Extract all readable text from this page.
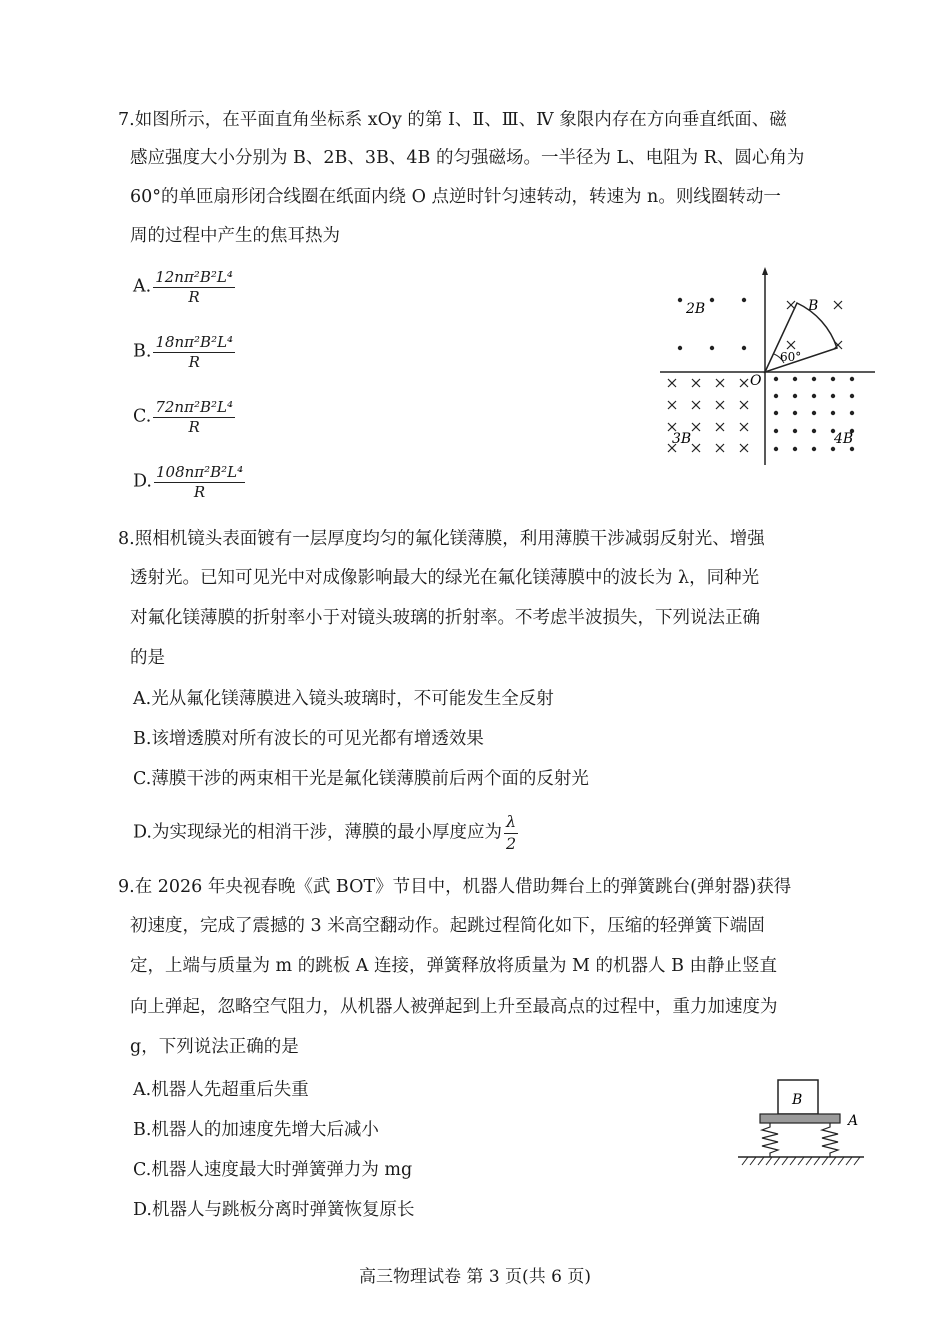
7.如图所示，在平面直角坐标系 xOy 的第 Ⅰ、Ⅱ、Ⅲ、Ⅳ 象限内存在方向垂直纸面、磁
感应强度大小分别为 B、2B、3B、4B 的匀强磁场。一半径为 L、电阻为 R、圆心角为
60°的单匝扇形闭合线圈在纸面内绕 O 点逆时针匀速转动，转速为 n。则线圈转动一
周的过程中产生的焦耳热为
A. $\frac{\text{12nπ²B²L⁴}}{R}$
B. $\frac{\text{18nπ²B²L⁴}}{R}$
C. $\frac{\text{72nπ²B²L⁴}}{R}$
D. $\frac{\text{108nπ²B²L⁴}}{R}$
2B	B
60°
O
3B	4B
8.照相机镜头表面镀有一层厚度均匀的氟化镁薄膜，利用薄膜干涉减弱反射光、增强
透射光。已知可见光中对成像影响最大的绿光在氟化镁薄膜中的波长为 λ，同种光
对氟化镁薄膜的折射率小于对镜头玻璃的折射率。不考虑半波损失，下列说法正确
的是
A.光从氟化镁薄膜进入镜头玻璃时，不可能发生全反射
B.该增透膜对所有波长的可见光都有增透效果
C.薄膜干涉的两束相干光是氟化镁薄膜前后两个面的反射光
D.为实现绿光的相消干涉，薄膜的最小厚度应为 $\frac{\lambda}{2}$
9.在 2026 年央视春晚《武 BOT》节目中，机器人借助舞台上的弹簧跳台(弹射器)获得
初速度，完成了震撼的 3 米高空翻动作。起跳过程简化如下，压缩的轻弹簧下端固
定，上端与质量为 m 的跳板 A 连接，弹簧释放将质量为 M 的机器人 B 由静止竖直
向上弹起，忽略空气阻力，从机器人被弹起到上升至最高点的过程中，重力加速度为
g，下列说法正确的是
A.机器人先超重后失重
B.机器人的加速度先增大后减小
C.机器人速度最大时弹簧弹力为 mg
D.机器人与跳板分离时弹簧恢复原长
B
A
高三物理试卷 第 3 页(共 6 页)
